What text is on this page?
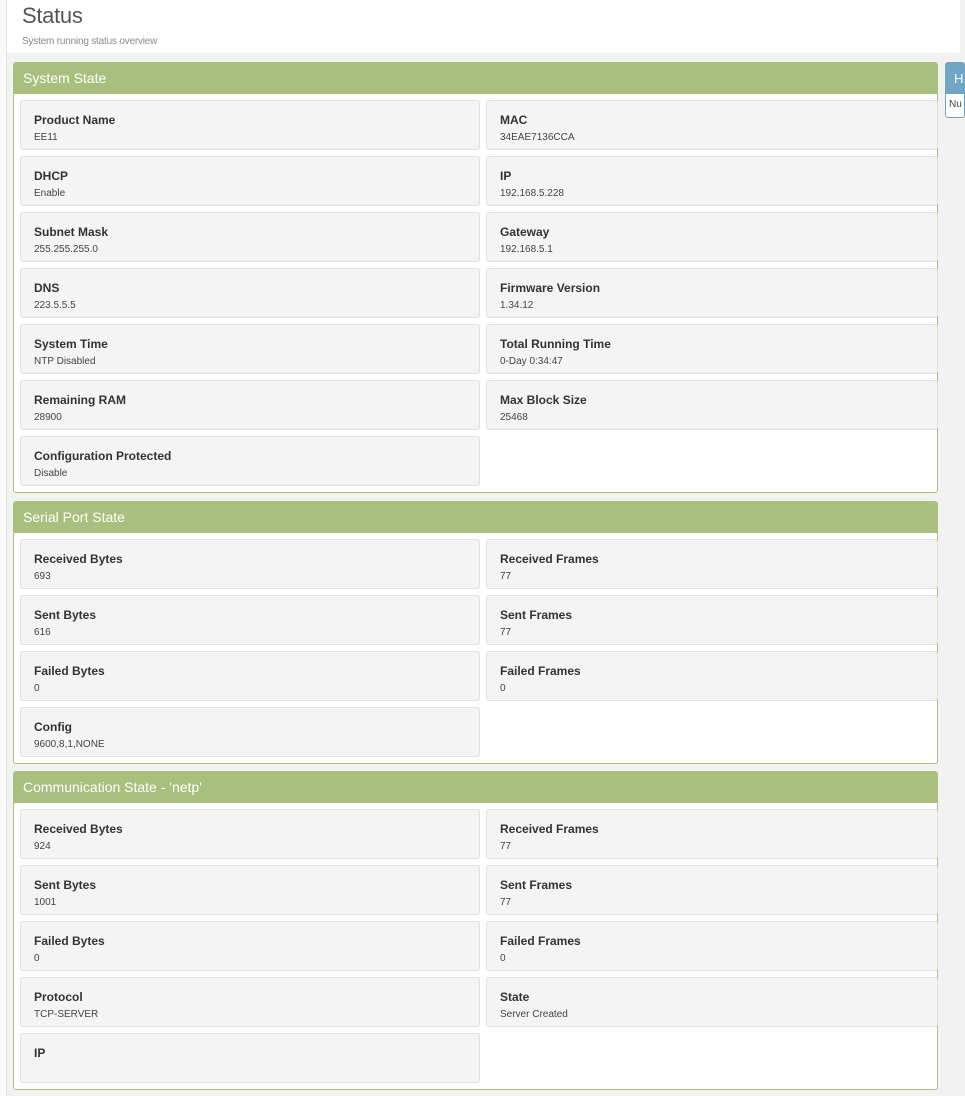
Status
System running status overview
System State
Product Name
EE11
MAC
34EAE7136CCA
DHCP
Enable
IP
192.168.5.228
Subnet Mask
255.255.255.0
Gateway
192.168.5.1
DNS
223.5.5.5
Firmware Version
1.34.12
System Time
NTP Disabled
Total Running Time
0-Day 0:34:47
Remaining RAM
28900
Max Block Size
25468
Configuration Protected
Disable
Serial Port State
Received Bytes
693
Received Frames
77
Sent Bytes
616
Sent Frames
77
Failed Bytes
0
Failed Frames
0
Config
9600,8,1,NONE
Communication State - 'netp'
Received Bytes
924
Received Frames
77
Sent Bytes
1001
Sent Frames
77
Failed Bytes
0
Failed Frames
0
Protocol
TCP-SERVER
State
Server Created
IP
H
Nu
